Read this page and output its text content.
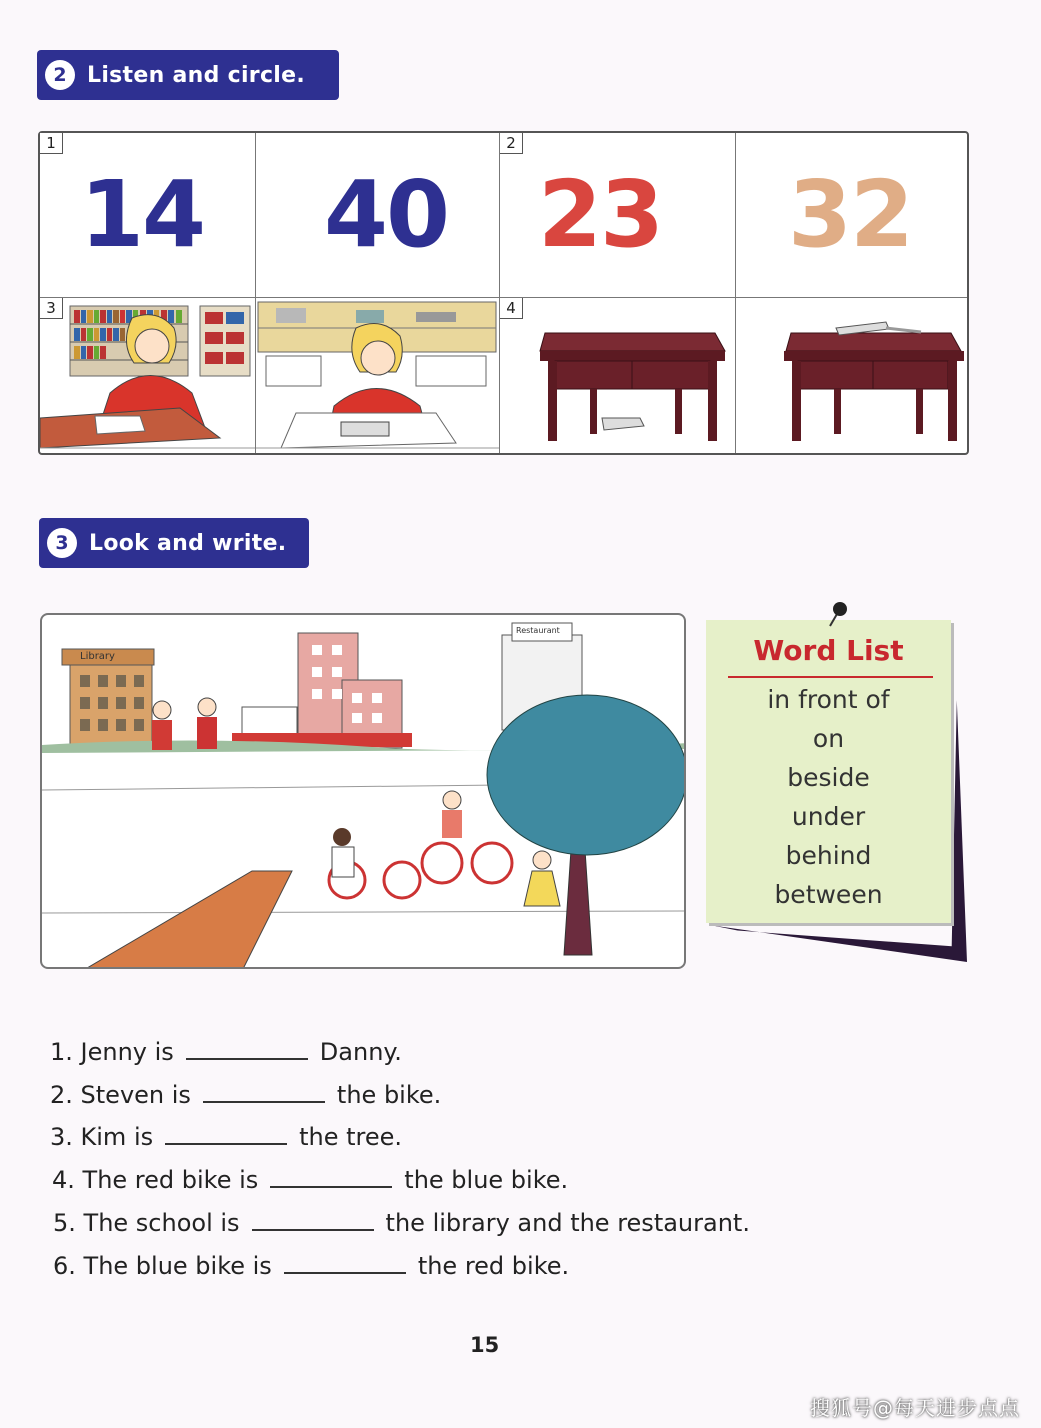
2 Listen and circle.
1
14 40
2
23 32
3	4
3 Look and write.
Library
Restaurant
Word List
in front of
on
beside
under
behind
between
1. Jenny is	Danny.
2. Steven is	the bike.
3. Kim is	the tree.
4. The red bike is	the blue bike.
5. The school is	the library and the restaurant.
6. The blue bike is	the red bike.
15
搜狐号@每天进步点点
